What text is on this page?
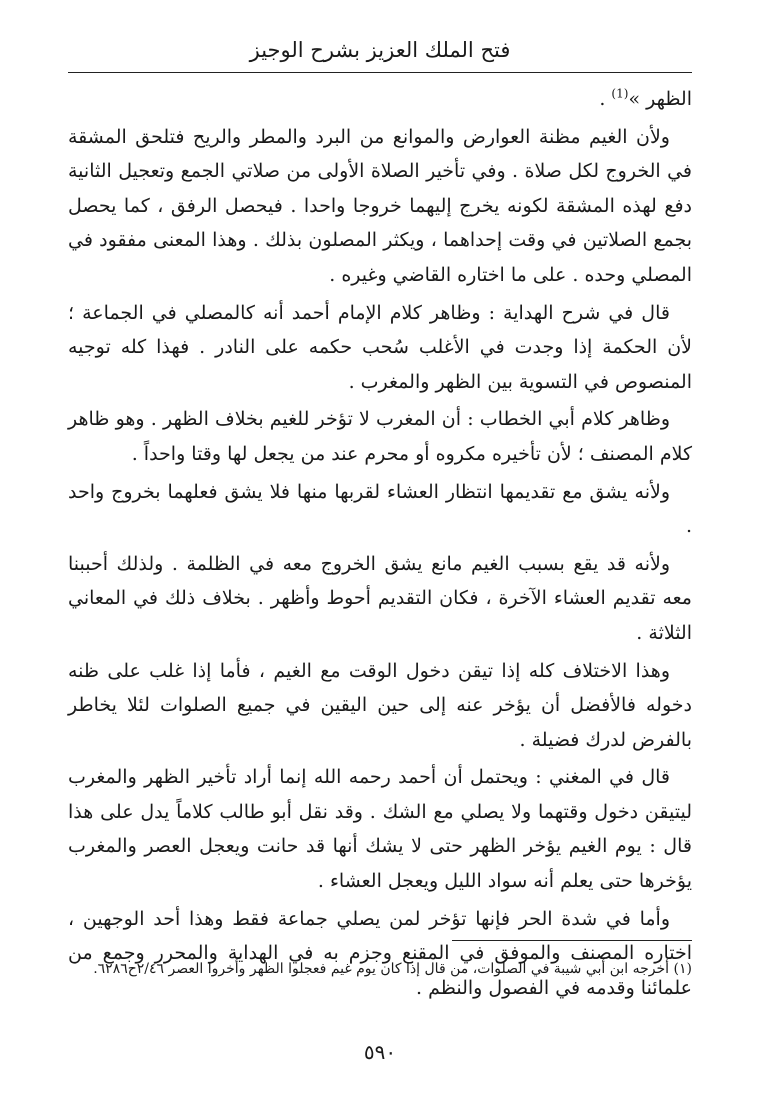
فتح الملك العزيز بشرح الوجيز

الظهر »$^{(1)}$ .

ولأن الغيم مظنة العوارض والموانع من البرد والمطر والريح فتلحق المشقة في الخروج لكل صلاة . وفي تأخير الصلاة الأولى من صلاتي الجمع وتعجيل الثانية دفع لهذه المشقة لكونه يخرج إليهما خروجا واحدا . فيحصل الرفق ، كما يحصل بجمع الصلاتين في وقت إحداهما ، ويكثر المصلون بذلك . وهذا المعنى مفقود في المصلي وحده . على ما اختاره القاضي وغيره .

قال في شرح الهداية : وظاهر كلام الإمام أحمد أنه كالمصلي في الجماعة ؛ لأن الحكمة إذا وجدت في الأغلب سُحب حكمه على النادر . فهذا كله توجيه المنصوص في التسوية بين الظهر والمغرب .

وظاهر كلام أبي الخطاب : أن المغرب لا تؤخر للغيم بخلاف الظهر . وهو ظاهر كلام المصنف ؛ لأن تأخيره مكروه أو محرم عند من يجعل لها وقتا واحداً .

ولأنه يشق مع تقديمها انتظار العشاء لقربها منها فلا يشق فعلهما بخروج واحد .

ولأنه قد يقع بسبب الغيم مانع يشق الخروج معه في الظلمة . ولذلك أحببنا معه تقديم العشاء الآخرة ، فكان التقديم أحوط وأظهر . بخلاف ذلك في المعاني الثلاثة .

وهذا الاختلاف كله إذا تيقن دخول الوقت مع الغيم ، فأما إذا غلب على ظنه دخوله فالأفضل أن يؤخر عنه إلى حين اليقين في جميع الصلوات لئلا يخاطر بالفرض لدرك فضيلة .

قال في المغني : ويحتمل أن أحمد رحمه الله إنما أراد تأخير الظهر والمغرب ليتيقن دخول وقتهما ولا يصلي مع الشك . وقد نقل أبو طالب كلاماً يدل على هذا قال : يوم الغيم يؤخر الظهر حتى لا يشك أنها قد حانت ويعجل العصر والمغرب يؤخرها حتى يعلم أنه سواد الليل ويعجل العشاء .

وأما في شدة الحر فإنها تؤخر لمن يصلي جماعة فقط وهذا أحد الوجهين ، اختاره المصنف والموفق في المقنع وجزم به في الهداية والمحرر وجمع من علمائنا وقدمه في الفصول والنظم .

(١) أخرجه ابن أبي شيبة في الصلوات، من قال إذا كان يوم غيم فعجلوا الظهر وأخروا العصر ٢/٤٦ح٦٢٨٦.
٥٩٠
